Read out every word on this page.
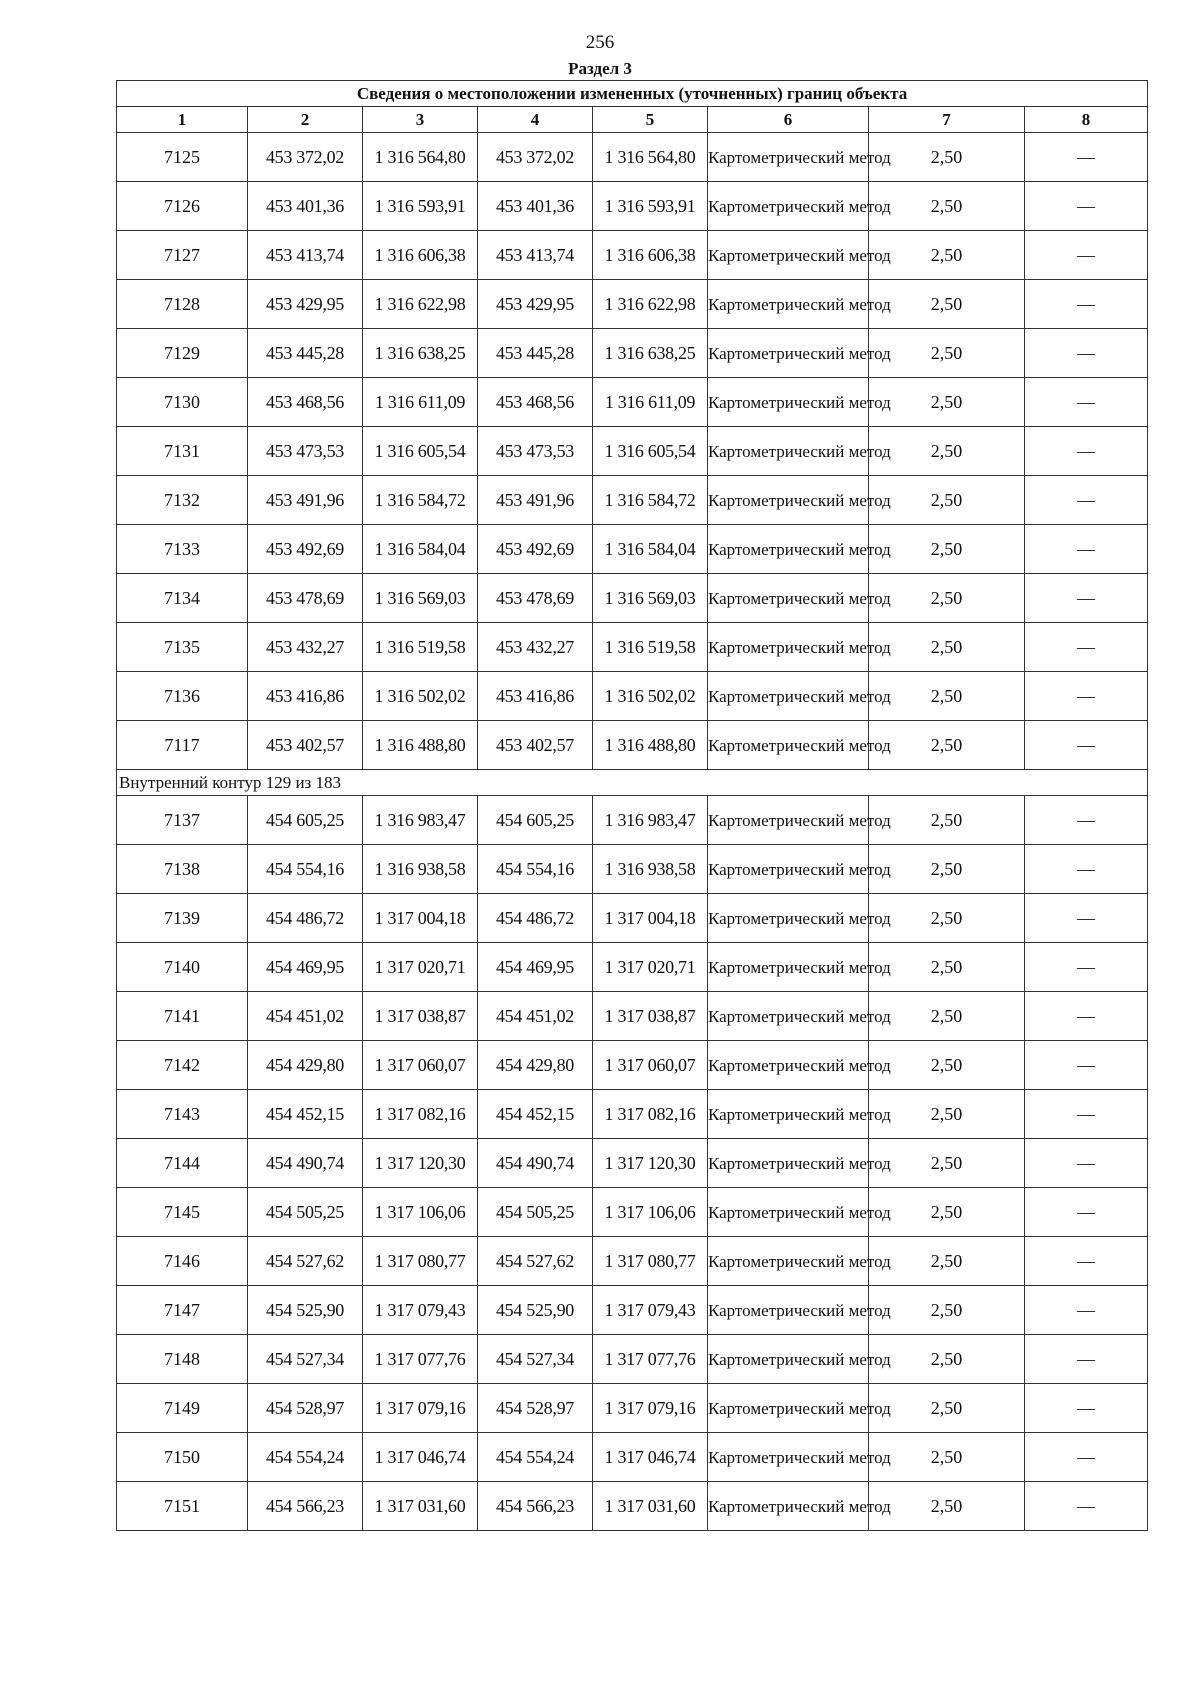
256
Раздел 3
Сведения о местоположении измененных (уточненных) границ объекта							
1	2	3	4	5	6	7	8
7125	453 372,02	1 316 564,80	453 372,02	1 316 564,80	Картометрический метод	2,50	—
7126	453 401,36	1 316 593,91	453 401,36	1 316 593,91	Картометрический метод	2,50	—
7127	453 413,74	1 316 606,38	453 413,74	1 316 606,38	Картометрический метод	2,50	—
7128	453 429,95	1 316 622,98	453 429,95	1 316 622,98	Картометрический метод	2,50	—
7129	453 445,28	1 316 638,25	453 445,28	1 316 638,25	Картометрический метод	2,50	—
7130	453 468,56	1 316 611,09	453 468,56	1 316 611,09	Картометрический метод	2,50	—
7131	453 473,53	1 316 605,54	453 473,53	1 316 605,54	Картометрический метод	2,50	—
7132	453 491,96	1 316 584,72	453 491,96	1 316 584,72	Картометрический метод	2,50	—
7133	453 492,69	1 316 584,04	453 492,69	1 316 584,04	Картометрический метод	2,50	—
7134	453 478,69	1 316 569,03	453 478,69	1 316 569,03	Картометрический метод	2,50	—
7135	453 432,27	1 316 519,58	453 432,27	1 316 519,58	Картометрический метод	2,50	—
7136	453 416,86	1 316 502,02	453 416,86	1 316 502,02	Картометрический метод	2,50	—
7117	453 402,57	1 316 488,80	453 402,57	1 316 488,80	Картометрический метод	2,50	—
Внутренний контур 129 из 183							
7137	454 605,25	1 316 983,47	454 605,25	1 316 983,47	Картометрический метод	2,50	—
7138	454 554,16	1 316 938,58	454 554,16	1 316 938,58	Картометрический метод	2,50	—
7139	454 486,72	1 317 004,18	454 486,72	1 317 004,18	Картометрический метод	2,50	—
7140	454 469,95	1 317 020,71	454 469,95	1 317 020,71	Картометрический метод	2,50	—
7141	454 451,02	1 317 038,87	454 451,02	1 317 038,87	Картометрический метод	2,50	—
7142	454 429,80	1 317 060,07	454 429,80	1 317 060,07	Картометрический метод	2,50	—
7143	454 452,15	1 317 082,16	454 452,15	1 317 082,16	Картометрический метод	2,50	—
7144	454 490,74	1 317 120,30	454 490,74	1 317 120,30	Картометрический метод	2,50	—
7145	454 505,25	1 317 106,06	454 505,25	1 317 106,06	Картометрический метод	2,50	—
7146	454 527,62	1 317 080,77	454 527,62	1 317 080,77	Картометрический метод	2,50	—
7147	454 525,90	1 317 079,43	454 525,90	1 317 079,43	Картометрический метод	2,50	—
7148	454 527,34	1 317 077,76	454 527,34	1 317 077,76	Картометрический метод	2,50	—
7149	454 528,97	1 317 079,16	454 528,97	1 317 079,16	Картометрический метод	2,50	—
7150	454 554,24	1 317 046,74	454 554,24	1 317 046,74	Картометрический метод	2,50	—
7151	454 566,23	1 317 031,60	454 566,23	1 317 031,60	Картометрический метод	2,50	—
